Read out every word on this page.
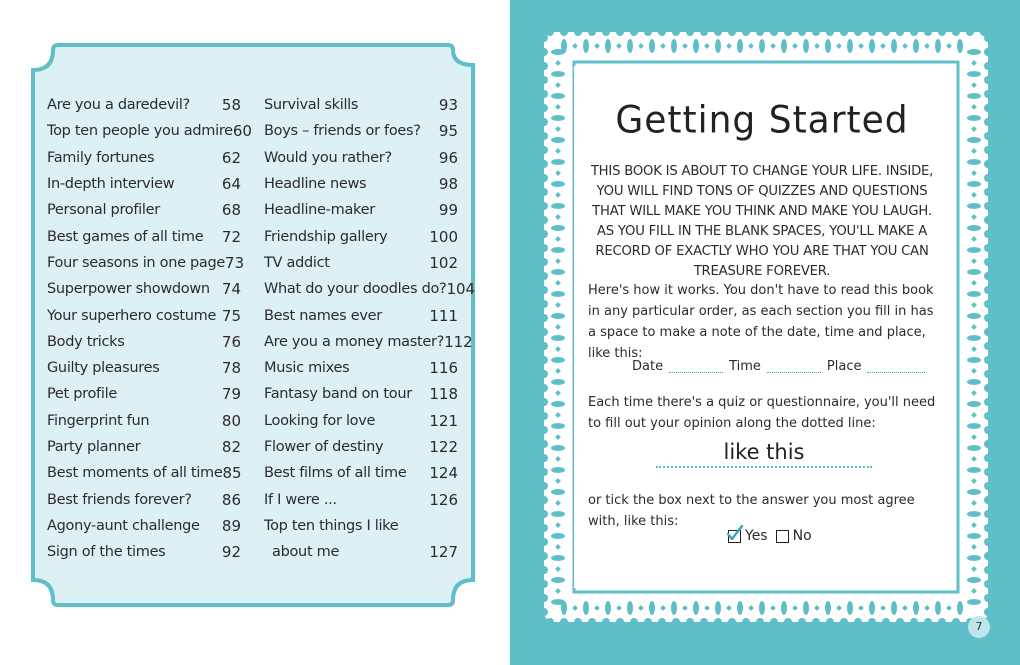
Are you a daredevil? 58
Top ten people you admire 60
Family fortunes	62
In-depth interview	64
Personal profiler	68
Best games of all time 72
Four seasons in one page 73
Superpower showdown 74
Your superhero costume 75
Body tricks	76
Guilty pleasures	78
Pet profile	79
Fingerprint fun	80
Party planner	82
Best moments of all time 85
Best friends forever? 86
Agony-aunt challenge 89
Sign of the times	92
Survival skills	93
Boys – friends or foes? 95
Would you rather?	96
Headline news	98
Headline-maker	99
Friendship gallery	100
TV addict	102
What do your doodles do? 104
Best names ever	111
Are you a money master? 112
Music mixes	116
Fantasy band on tour 118
Looking for love	121
Flower of destiny	122
Best films of all time 124
If I were ...	126
Top ten things I like
about me	127
Getting Started

THIS BOOK IS ABOUT TO CHANGE YOUR LIFE. INSIDE, YOU WILL FIND TONS OF QUIZZES AND QUESTIONS THAT WILL MAKE YOU THINK AND MAKE YOU LAUGH. AS YOU FILL IN THE BLANK SPACES, YOU'LL MAKE A RECORD OF EXACTLY WHO YOU ARE THAT YOU CAN TREASURE FOREVER.

Here's how it works. You don't have to read this book in any particular order, as each section you fill in has a space to make a note of the date, time and place, like this:

Date	Time	Place

Each time there's a quiz or questionnaire, you'll need to fill out your opinion along the dotted line:

like this

or tick the box next to the answer you most agree with, like this:

Yes No
7
